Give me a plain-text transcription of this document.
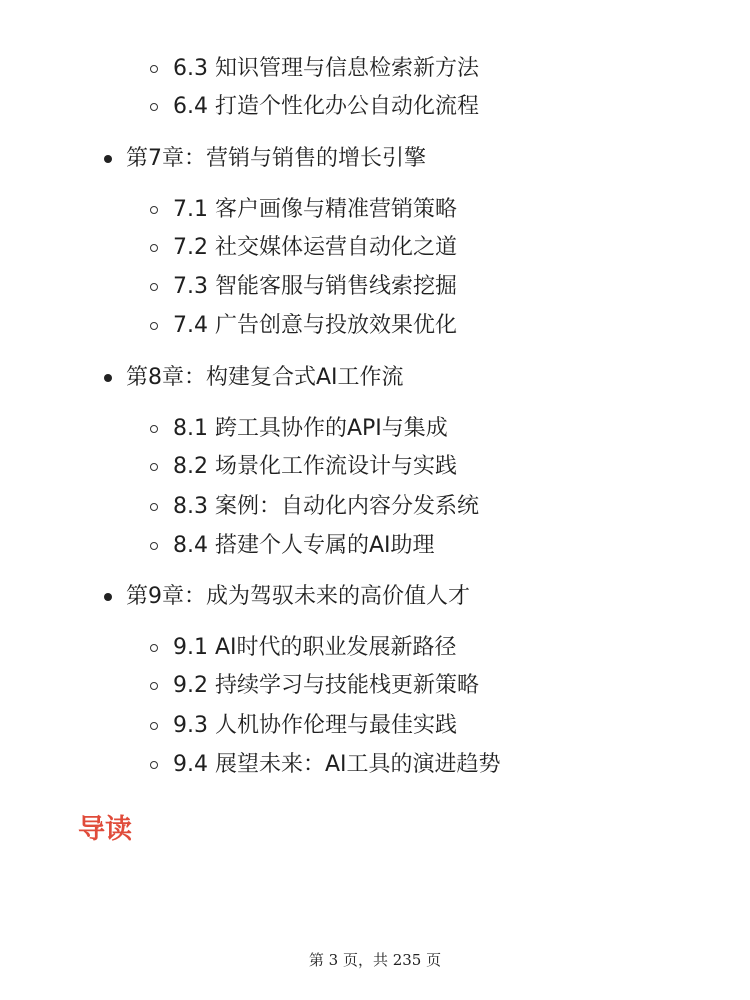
6.3 知识管理与信息检索新方法
6.4 打造个性化办公自动化流程
第7章：营销与销售的增长引擎
7.1 客户画像与精准营销策略
7.2 社交媒体运营自动化之道
7.3 智能客服与销售线索挖掘
7.4 广告创意与投放效果优化
第8章：构建复合式AI工作流
8.1 跨工具协作的API与集成
8.2 场景化工作流设计与实践
8.3 案例：自动化内容分发系统
8.4 搭建个人专属的AI助理
第9章：成为驾驭未来的高价值人才
9.1 AI时代的职业发展新路径
9.2 持续学习与技能栈更新策略
9.3 人机协作伦理与最佳实践
9.4 展望未来：AI工具的演进趋势
导读
第 3 页，共 235 页
